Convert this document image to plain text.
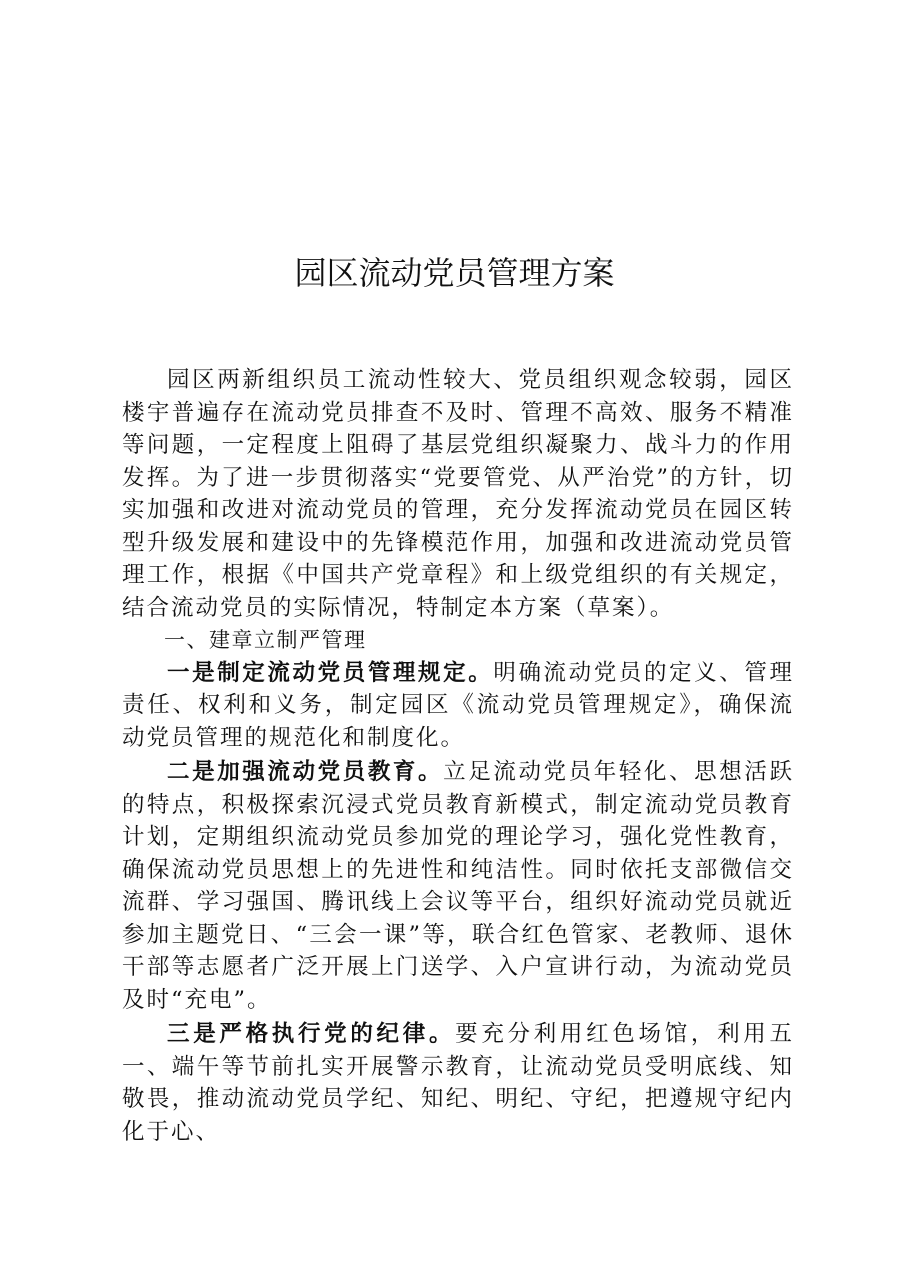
园区流动党员管理方案

园区两新组织员工流动性较大、党员组织观念较弱，园区楼宇普遍存在流动党员排查不及时、管理不高效、服务不精准等问题，一定程度上阻碍了基层党组织凝聚力、战斗力的作用发挥。为了进一步贯彻落实“党要管党、从严治党”的方针，切实加强和改进对流动党员的管理，充分发挥流动党员在园区转型升级发展和建设中的先锋模范作用，加强和改进流动党员管理工作，根据《中国共产党章程》和上级党组织的有关规定，结合流动党员的实际情况，特制定本方案（草案）。

一、建章立制严管理

一是制定流动党员管理规定。明确流动党员的定义、管理责任、权利和义务，制定园区《流动党员管理规定》，确保流动党员管理的规范化和制度化。

二是加强流动党员教育。立足流动党员年轻化、思想活跃的特点，积极探索沉浸式党员教育新模式，制定流动党员教育计划，定期组织流动党员参加党的理论学习，强化党性教育，确保流动党员思想上的先进性和纯洁性。同时依托支部微信交流群、学习强国、腾讯线上会议等平台，组织好流动党员就近参加主题党日、“三会一课”等，联合红色管家、老教师、退休干部等志愿者广泛开展上门送学、入户宣讲行动，为流动党员及时“充电”。

三是严格执行党的纪律。要充分利用红色场馆，利用五一、端午等节前扎实开展警示教育，让流动党员受明底线、知敬畏，推动流动党员学纪、知纪、明纪、守纪，把遵规守纪内化于心、
